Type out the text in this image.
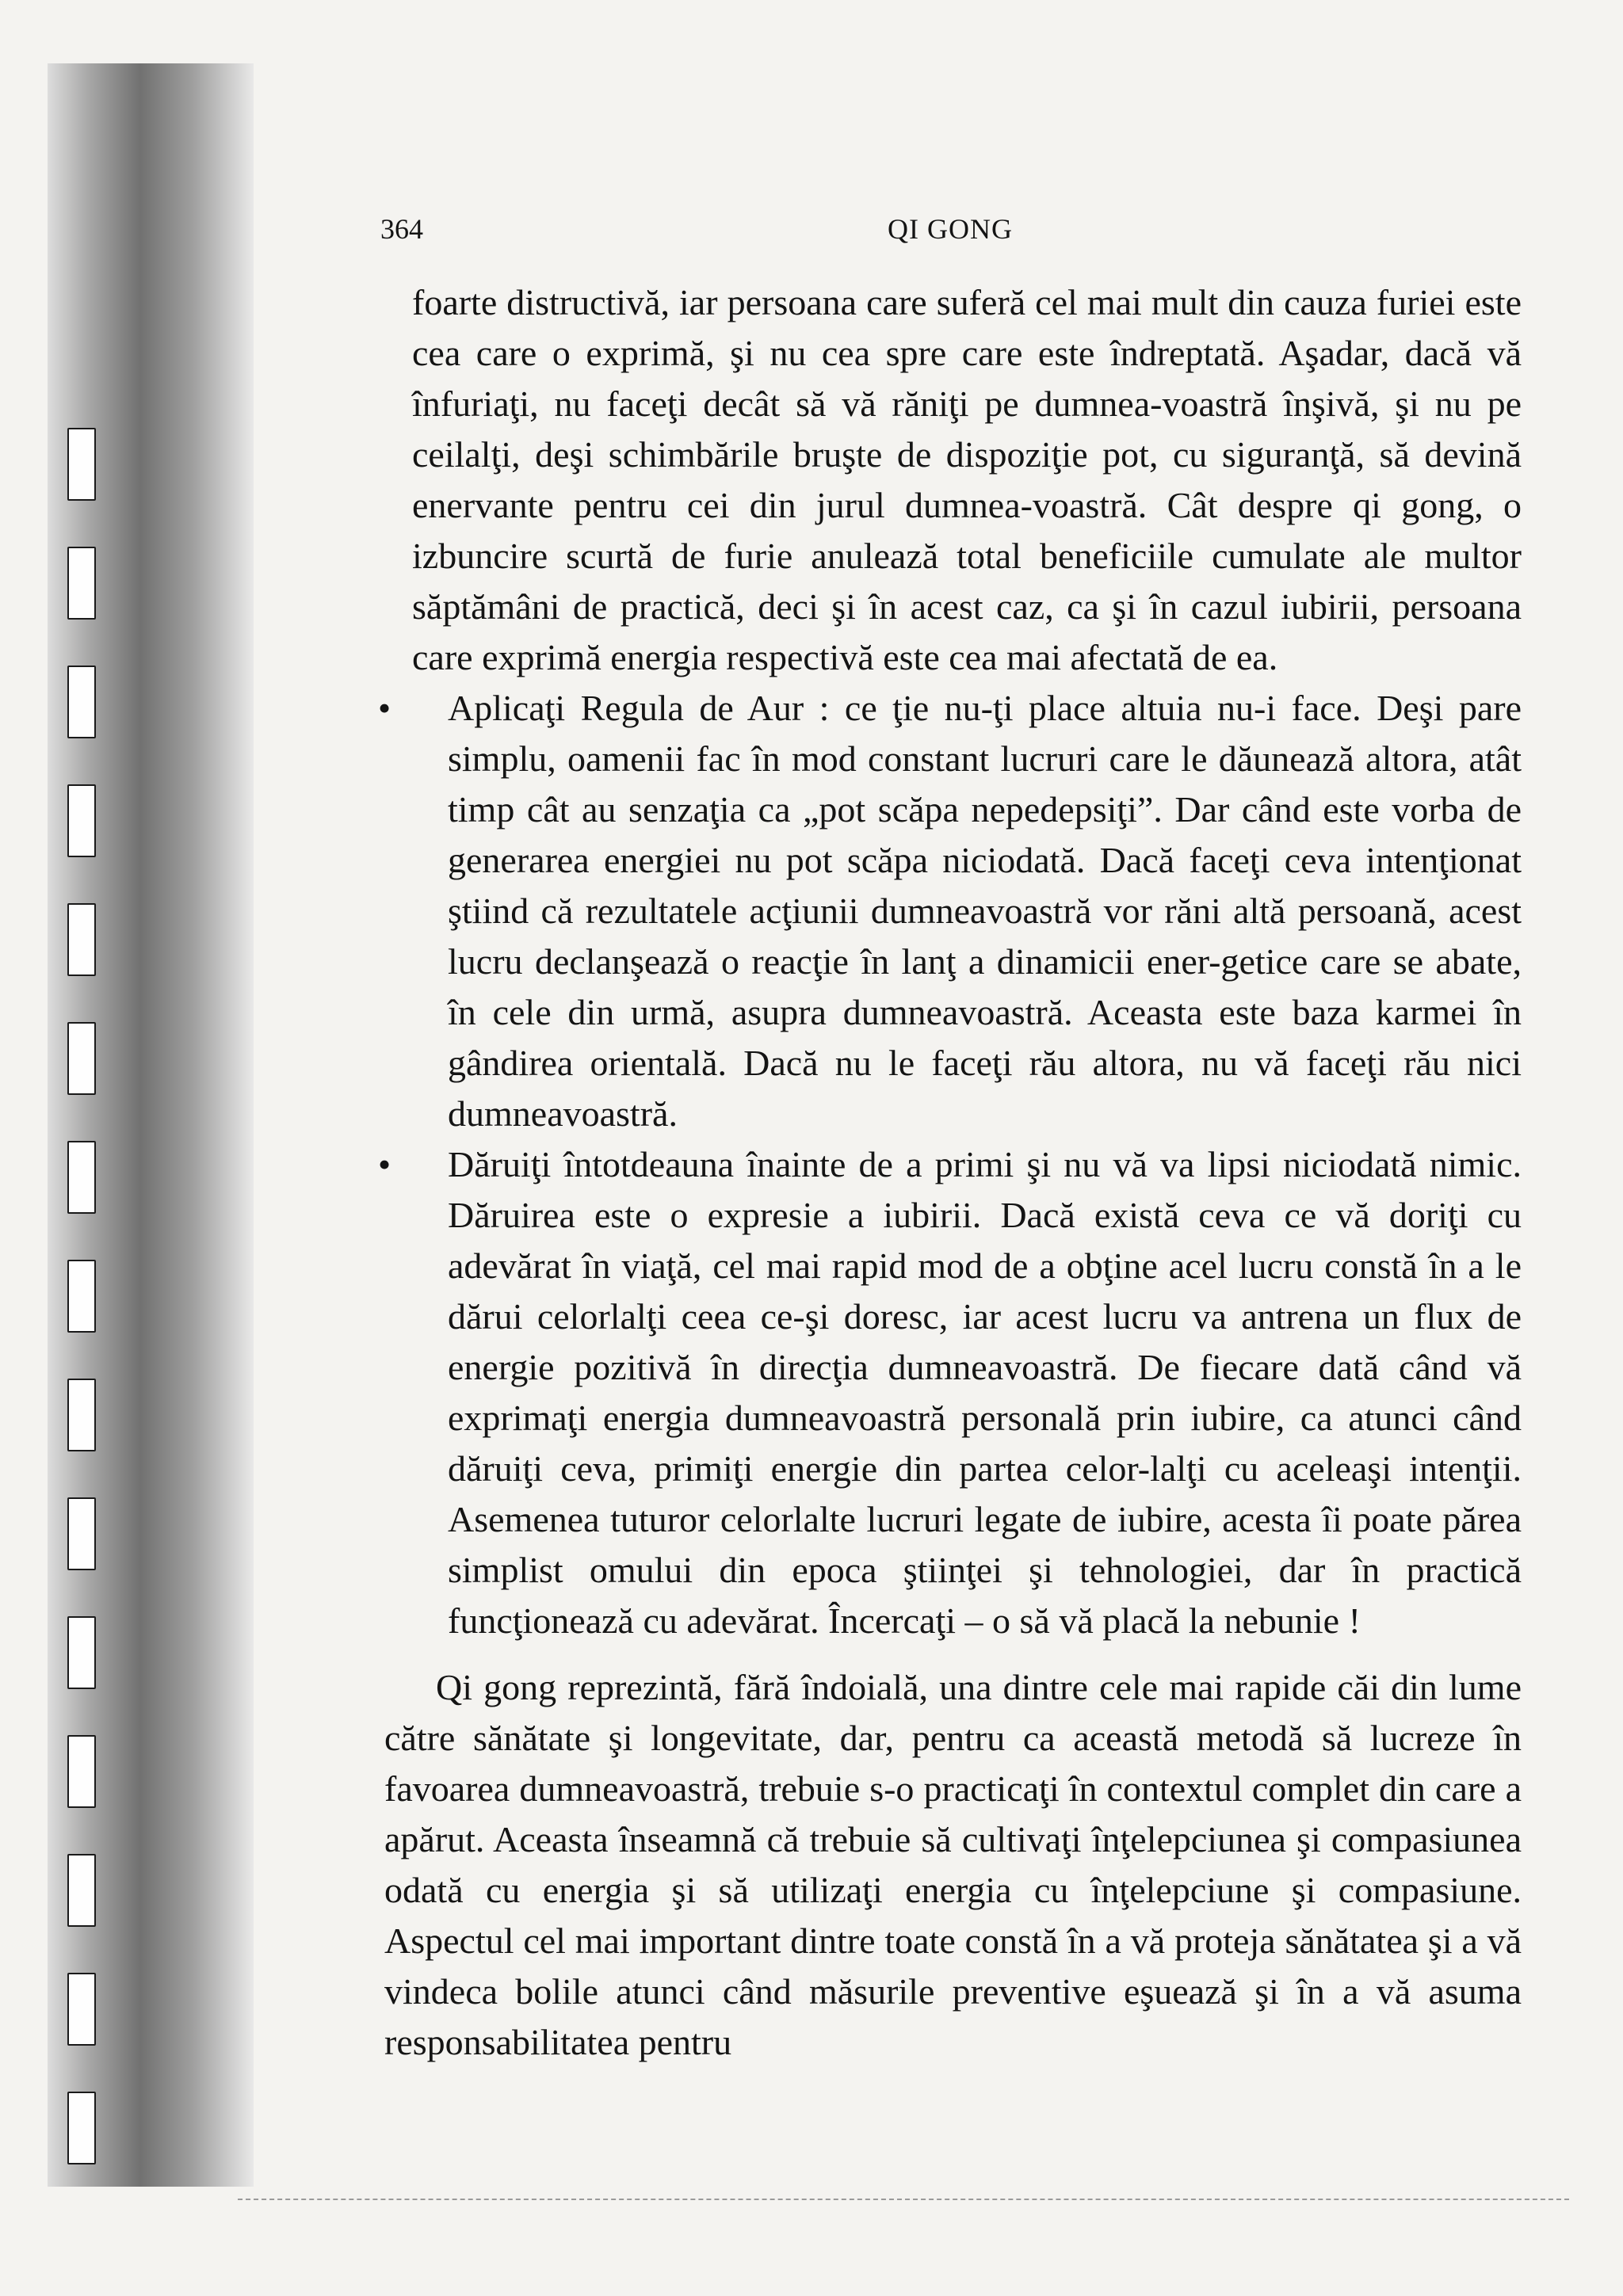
364	QI GONG

foarte distructivă, iar persoana care suferă cel mai mult din cauza furiei este cea care o exprimă, şi nu cea spre care este îndreptată. Aşadar, dacă vă înfuriaţi, nu faceţi decât să vă răniţi pe dumnea-voastră înşivă, şi nu pe ceilalţi, deşi schimbările bruşte de dispoziţie pot, cu siguranţă, să devină enervante pentru cei din jurul dumnea-voastră. Cât despre qi gong, o izbuncire scurtă de furie anulează total beneficiile cumulate ale multor săptămâni de practică, deci şi în acest caz, ca şi în cazul iubirii, persoana care exprimă energia respectivă este cea mai afectată de ea.

• Aplicaţi Regula de Aur : ce ţie nu-ţi place altuia nu-i face. Deşi pare simplu, oamenii fac în mod constant lucruri care le dăunează altora, atât timp cât au senzaţia ca „pot scăpa nepedepsiţi”. Dar când este vorba de generarea energiei nu pot scăpa niciodată. Dacă faceţi ceva intenţionat ştiind că rezultatele acţiunii dumneavoastră vor răni altă persoană, acest lucru declanşează o reacţie în lanţ a dinamicii ener-getice care se abate, în cele din urmă, asupra dumneavoastră. Aceasta este baza karmei în gândirea orientală. Dacă nu le faceţi rău altora, nu vă faceţi rău nici dumneavoastră.
• Dăruiţi întotdeauna înainte de a primi şi nu vă va lipsi niciodată nimic. Dăruirea este o expresie a iubirii. Dacă există ceva ce vă doriţi cu adevărat în viaţă, cel mai rapid mod de a obţine acel lucru constă în a le dărui celorlalţi ceea ce-şi doresc, iar acest lucru va antrena un flux de energie pozitivă în direcţia dumneavoastră. De fiecare dată când vă exprimaţi energia dumneavoastră personală prin iubire, ca atunci când dăruiţi ceva, primiţi energie din partea celor-lalţi cu aceleaşi intenţii. Asemenea tuturor celorlalte lucruri legate de iubire, acesta îi poate părea simplist omului din epoca ştiinţei şi tehnologiei, dar în practică funcţionează cu adevărat. Încercaţi – o să vă placă la nebunie !

Qi gong reprezintă, fără îndoială, una dintre cele mai rapide căi din lume către sănătate şi longevitate, dar, pentru ca această metodă să lucreze în favoarea dumneavoastră, trebuie s-o practicaţi în contextul complet din care a apărut. Aceasta înseamnă că trebuie să cultivaţi înţelepciunea şi compasiunea odată cu energia şi să utilizaţi energia cu înţelepciune şi compasiune. Aspectul cel mai important dintre toate constă în a vă proteja sănătatea şi a vă vindeca bolile atunci când măsurile preventive eşuează şi în a vă asuma responsabilitatea pentru
